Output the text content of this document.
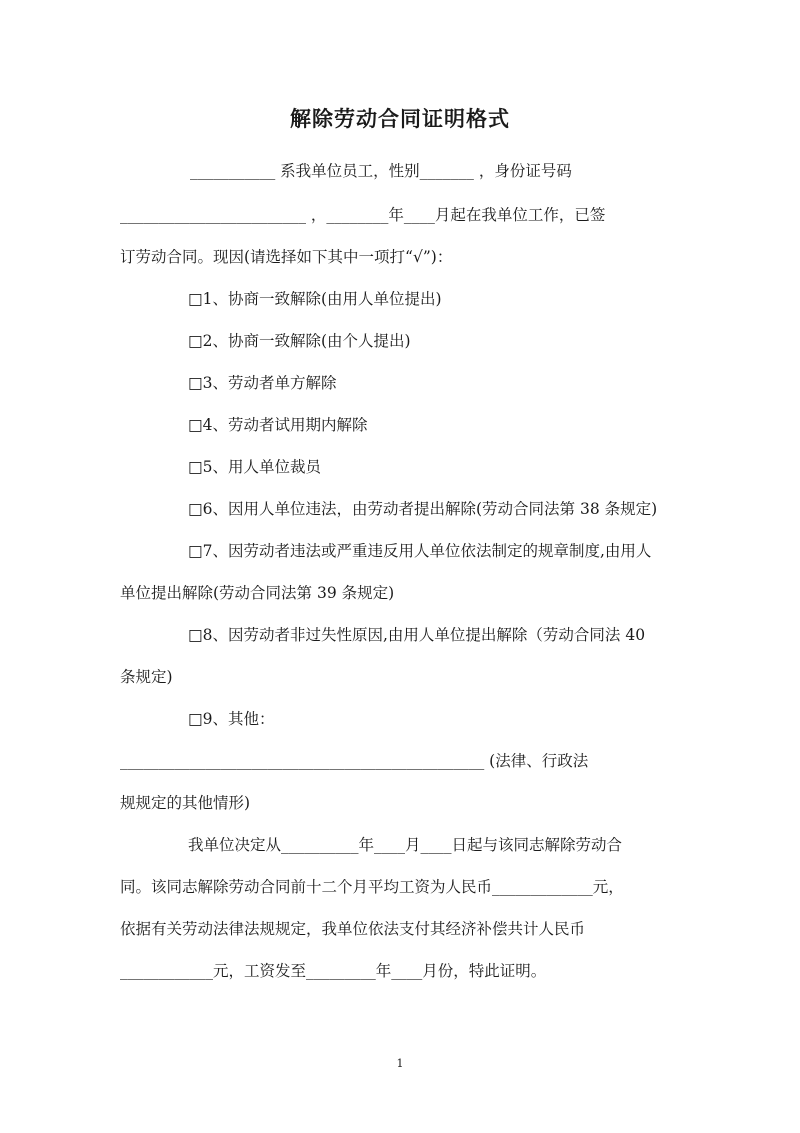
解除劳动合同证明格式
___________ 系我单位员工，性别_______ ，身份证号码
________________________ ，________年____月起在我单位工作，已签
订劳动合同。现因(请选择如下其中一项打“√”)：
□1、协商一致解除(由用人单位提出)
□2、协商一致解除(由个人提出)
□3、劳动者单方解除
□4、劳动者试用期内解除
□5、用人单位裁员
□6、因用人单位违法，由劳动者提出解除(劳动合同法第 38 条规定)
□7、因劳动者违法或严重违反用人单位依法制定的规章制度,由用人
单位提出解除(劳动合同法第 39 条规定)
□8、因劳动者非过失性原因,由用人单位提出解除（劳动合同法 40
条规定)
□9、其他：
_______________________________________________ (法律、行政法
规规定的其他情形)
我单位决定从__________年____月____日起与该同志解除劳动合
同。该同志解除劳动合同前十二个月平均工资为人民币_____________元，
依据有关劳动法律法规规定，我单位依法支付其经济补偿共计人民币
____________元，工资发至_________年____月份，特此证明。
1
